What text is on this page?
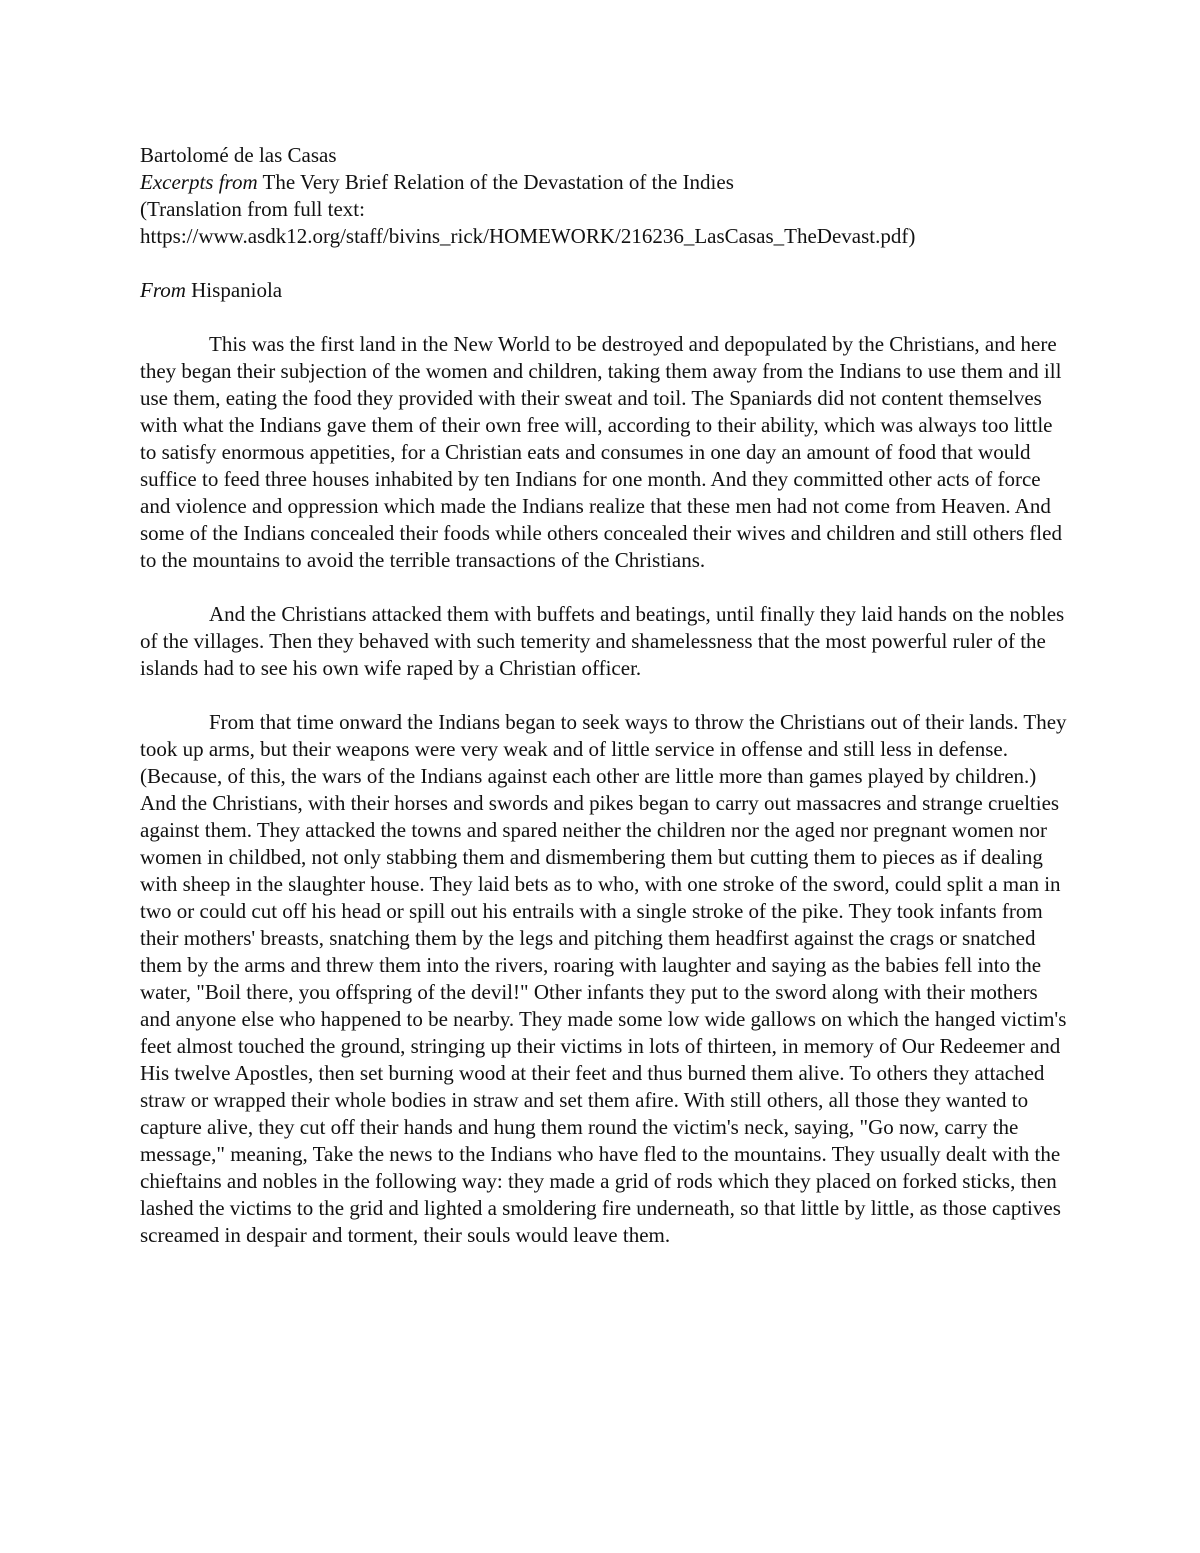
Bartolomé de las Casas

Excerpts from The Very Brief Relation of the Devastation of the Indies

(Translation from full text:

https://www.asdk12.org/staff/bivins_rick/HOMEWORK/216236_LasCasas_TheDevast.pdf)

From Hispaniola

This was the first land in the New World to be destroyed and depopulated by the Christians, and here they began their subjection of the women and children, taking them away from the Indians to use them and ill use them, eating the food they provided with their sweat and toil. The Spaniards did not content themselves with what the Indians gave them of their own free will, according to their ability, which was always too little to satisfy enormous appetities, for a Christian eats and consumes in one day an amount of food that would suffice to feed three houses inhabited by ten Indians for one month. And they committed other acts of force and violence and oppression which made the Indians realize that these men had not come from Heaven. And some of the Indians concealed their foods while others concealed their wives and children and still others fled to the mountains to avoid the terrible transactions of the Christians.

And the Christians attacked them with buffets and beatings, until finally they laid hands on the nobles of the villages. Then they behaved with such temerity and shamelessness that the most powerful ruler of the islands had to see his own wife raped by a Christian officer.

From that time onward the Indians began to seek ways to throw the Christians out of their lands. They took up arms, but their weapons were very weak and of little service in offense and still less in defense. (Because, of this, the wars of the Indians against each other are little more than games played by children.) And the Christians, with their horses and swords and pikes began to carry out massacres and strange cruelties against them. They attacked the towns and spared neither the children nor the aged nor pregnant women nor women in childbed, not only stabbing them and dismembering them but cutting them to pieces as if dealing with sheep in the slaughter house. They laid bets as to who, with one stroke of the sword, could split a man in two or could cut off his head or spill out his entrails with a single stroke of the pike. They took infants from their mothers' breasts, snatching them by the legs and pitching them headfirst against the crags or snatched them by the arms and threw them into the rivers, roaring with laughter and saying as the babies fell into the water, "Boil there, you offspring of the devil!" Other infants they put to the sword along with their mothers and anyone else who happened to be nearby. They made some low wide gallows on which the hanged victim's feet almost touched the ground, stringing up their victims in lots of thirteen, in memory of Our Redeemer and His twelve Apostles, then set burning wood at their feet and thus burned them alive. To others they attached straw or wrapped their whole bodies in straw and set them afire. With still others, all those they wanted to capture alive, they cut off their hands and hung them round the victim's neck, saying, "Go now, carry the message," meaning, Take the news to the Indians who have fled to the mountains. They usually dealt with the chieftains and nobles in the following way: they made a grid of rods which they placed on forked sticks, then lashed the victims to the grid and lighted a smoldering fire underneath, so that little by little, as those captives screamed in despair and torment, their souls would leave them.
